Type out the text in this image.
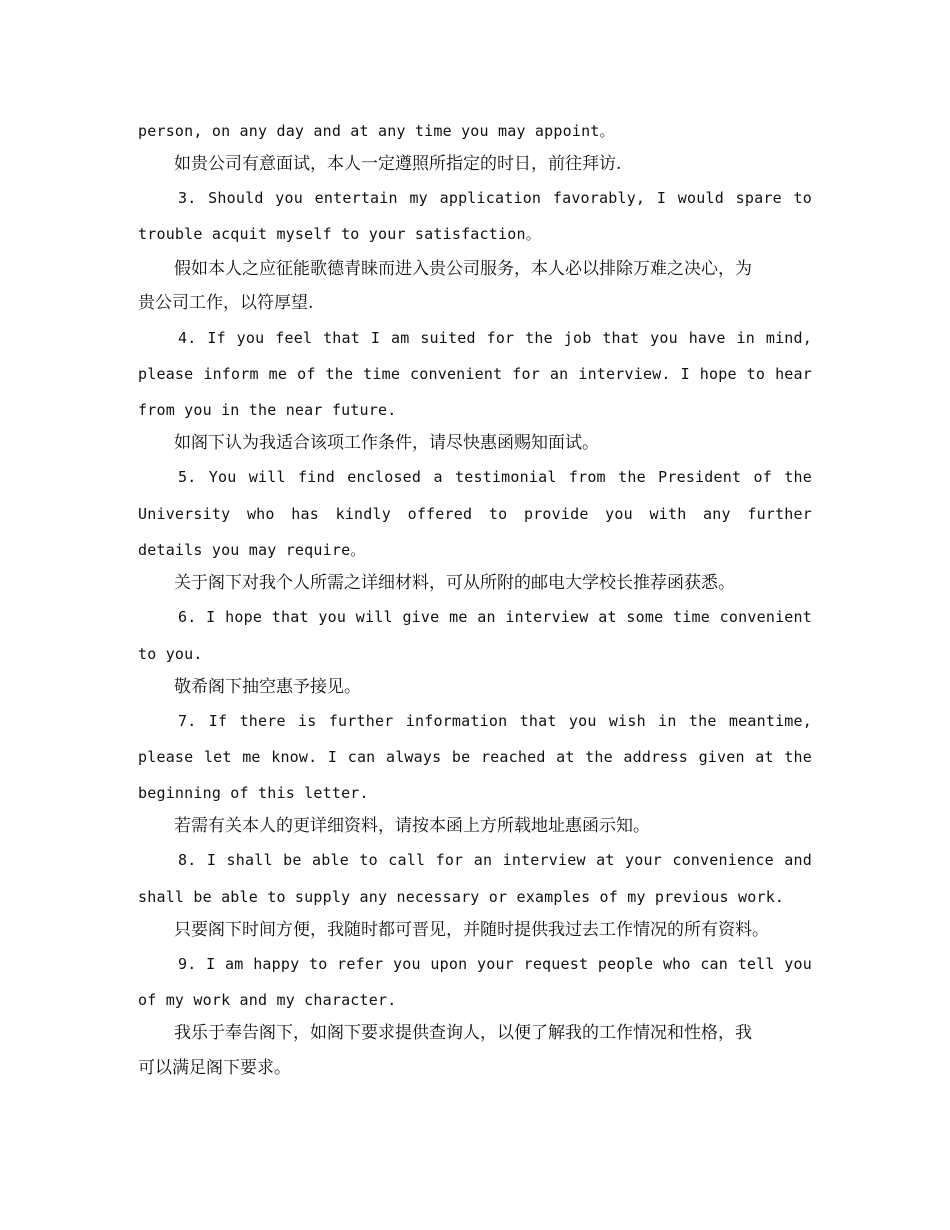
person, on any day and at any time you may appoint。

如贵公司有意面试，本人一定遵照所指定的时日，前往拜访.

3. Should you entertain my application favorably, I would spare to

trouble acquit myself to your satisfaction。

假如本人之应征能歌德青睐而进入贵公司服务，本人必以排除万难之决心，为

贵公司工作，以符厚望.

4. If you feel that I am suited for the job that you have in mind,

please inform me of the time convenient for an interview. I hope to hear

from you in the near future.

如阁下认为我适合该项工作条件，请尽快惠函赐知面试。

5. You will find enclosed a testimonial from the President of the

University who has kindly offered to provide you with any further

details you may require。

关于阁下对我个人所需之详细材料，可从所附的邮电大学校长推荐函获悉。

6. I hope that you will give me an interview at some time convenient

to you.

敬希阁下抽空惠予接见。

7. If there is further information that you wish in the meantime,

please let me know. I can always be reached at the address given at the

beginning of this letter.

若需有关本人的更详细资料，请按本函上方所载地址惠函示知。

8. I shall be able to call for an interview at your convenience and

shall be able to supply any necessary or examples of my previous work.

只要阁下时间方便，我随时都可晋见，并随时提供我过去工作情况的所有资料。

9. I am happy to refer you upon your request people who can tell you

of my work and my character.

我乐于奉告阁下，如阁下要求提供查询人，以便了解我的工作情况和性格，我

可以满足阁下要求。
